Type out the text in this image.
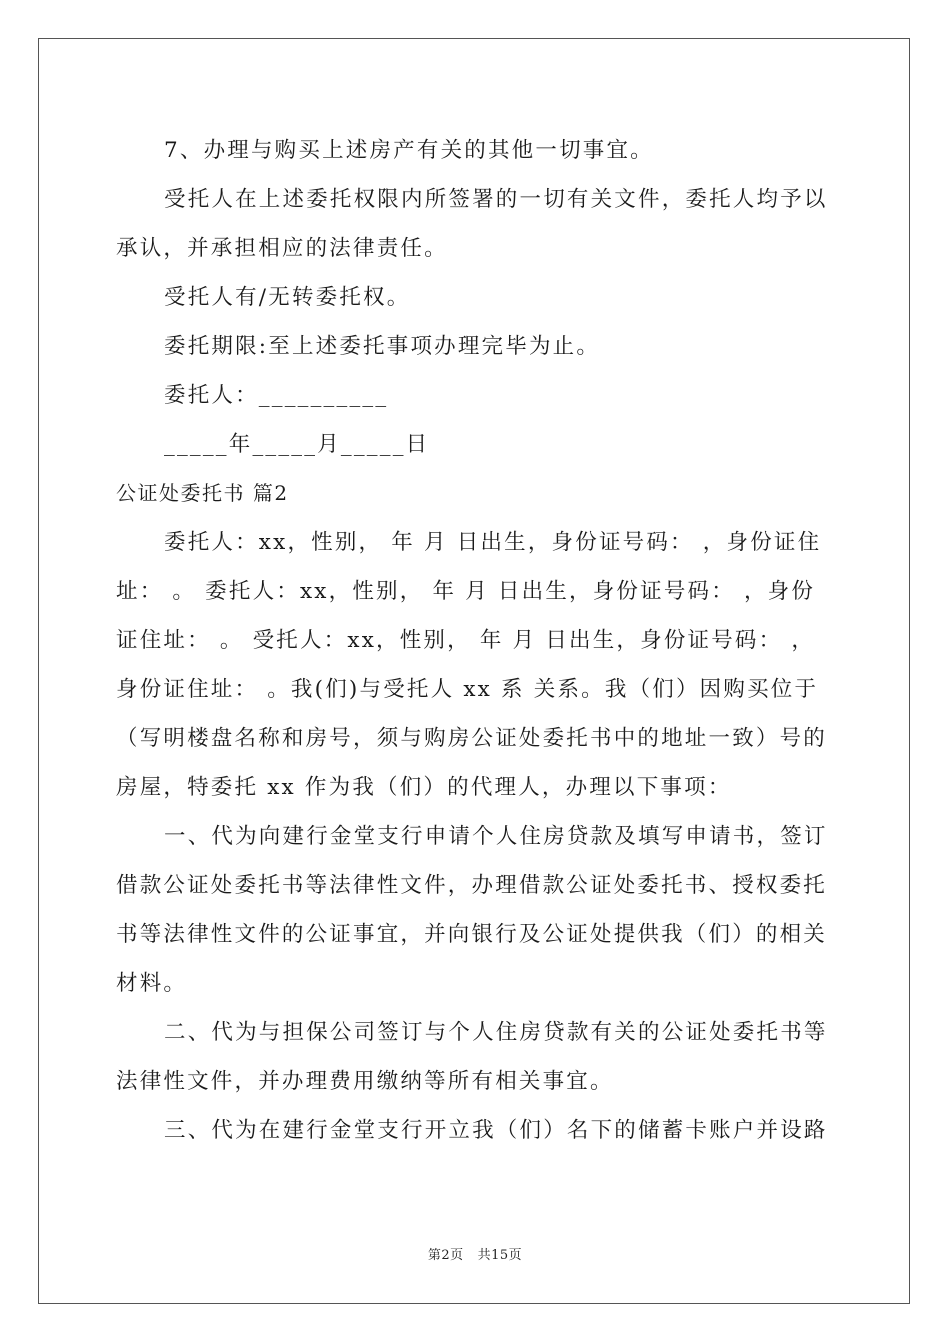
7、办理与购买上述房产有关的其他一切事宜。
受托人在上述委托权限内所签署的一切有关文件，委托人均予以
承认，并承担相应的法律责任。
受托人有/无转委托权。
委托期限:至上述委托事项办理完毕为止。
委托人：__________
_____年_____月_____日
公证处委托书 篇2
委托人：xx，性别， 年 月 日出生，身份证号码： ，身份证住
址： 。 委托人：xx，性别， 年 月 日出生，身份证号码： ，身份
证住址： 。 受托人：xx，性别， 年 月 日出生，身份证号码： ，
身份证住址： 。我(们)与受托人 xx 系 关系。我（们）因购买位于
（写明楼盘名称和房号，须与购房公证处委托书中的地址一致）号的
房屋，特委托 xx 作为我（们）的代理人，办理以下事项：
一、代为向建行金堂支行申请个人住房贷款及填写申请书，签订
借款公证处委托书等法律性文件，办理借款公证处委托书、授权委托
书等法律性文件的公证事宜，并向银行及公证处提供我（们）的相关
材料。
二、代为与担保公司签订与个人住房贷款有关的公证处委托书等
法律性文件，并办理费用缴纳等所有相关事宜。
三、代为在建行金堂支行开立我（们）名下的储蓄卡账户并设路
第2页 共15页
